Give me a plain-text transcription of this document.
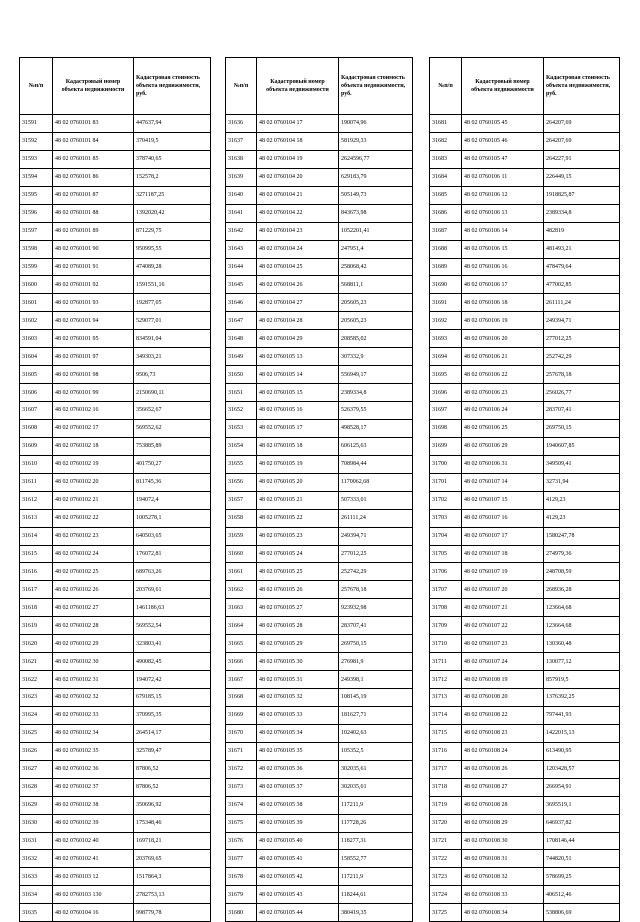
№п/п	Кадастровый номер объекта недвижимости	Кадастровая стоимость объекта недвижимости, руб.
31591	48 02 0760101 83	447637,94
31592	48 02 0760101 84	370419,5
31593	48 02 0760101 85	378740,65
31594	48 02 0760101 86	152578,2
31595	48 02 0760101 87	3271187,25
31596	48 02 0760101 88	1392020,42
31597	48 02 0760101 89	871229,75
31598	48 02 0760101 90	950995,55
31599	48 02 0760101 91	474089,28
31600	48 02 0760101 92	1591551,16
31601	48 02 0760101 93	192877,05
31602	48 02 0760101 94	529077,01
31603	48 02 0760101 95	834591,04
31604	48 02 0760101 97	349303,21
31605	48 02 0760101 98	9506,73
31606	48 02 0760101 99	2150690,11
31607	48 02 0760102 16	356652,67
31608	48 02 0760102 17	569552,62
31609	48 02 0760102 18	753885,89
31610	48 02 0760102 19	401750,27
31611	48 02 0760102 20	811745,36
31612	48 02 0760102 21	194072,4
31613	48 02 0760102 22	1005278,1
31614	48 02 0760102 23	640503,65
31615	48 02 0760102 24	176072,81
31616	48 02 0760102 25	689763,26
31617	48 02 0760102 26	203769,61
31618	48 02 0760102 27	1461186,63
31619	48 02 0760102 28	569552,54
31620	48 02 0760102 29	323803,41
31621	48 02 0760102 30	490082,45
31622	48 02 0760102 31	194072,42
31623	48 02 0760102 32	679185,15
31624	48 02 0760102 33	370995,35
31625	48 02 0760102 34	264514,17
31626	48 02 0760102 35	325789,47
31627	48 02 0760102 36	87806,52
31628	48 02 0760102 37	87806,52
31629	48 02 0760102 38	350696,92
31630	48 02 0760102 39	175348,46
31631	48 02 0760102 40	169718,21
31632	48 02 0760102 41	203769,65
31633	48 02 0760103 12	1517864,3
31634	48 02 0760103 130	2782753,13
31635	48 02 0760104 16	998779,78
№п/п	Кадастровый номер объекта недвижимости	Кадастровая стоимость объекта недвижимости, руб.
31636	48 02 0760104 17	190074,96
31637	48 02 0760104 18	581929,33
31638	48 02 0760104 19	2624596,77
31639	48 02 0760104 20	629183,79
31640	48 02 0760104 21	505149,73
31641	48 02 0760104 22	843673,98
31642	48 02 0760104 23	1052201,41
31643	48 02 0760104 24	247951,4
31644	48 02 0760104 25	258068,42
31645	48 02 0760104 26	568811,1
31646	48 02 0760104 27	205605,23
31647	48 02 0760104 28	205605,23
31648	48 02 0760104 29	208585,02
31649	48 02 0760105 13	307332,9
31650	48 02 0760105 14	556949,17
31651	48 02 0760105 15	2389334,8
31652	48 02 0760105 16	526379,55
31653	48 02 0760105 17	498528,17
31654	48 02 0760105 18	606125,63
31655	48 02 0760105 19	708984,44
31656	48 02 0760105 20	1170062,68
31657	48 02 0760105 21	507333,01
31658	48 02 0760105 22	261111,24
31659	48 02 0760105 23	249394,71
31660	48 02 0760105 24	277012,25
31661	48 02 0760105 25	252742,29
31662	48 02 0760105 26	257678,18
31663	48 02 0760105 27	923932,98
31664	48 02 0760105 28	283707,41
31665	48 02 0760105 29	269750,15
31666	48 02 0760105 30	276981,9
31667	48 02 0760105 31	249398,1
31668	48 02 0760105 32	108145,19
31669	48 02 0760105 33	181627,71
31670	48 02 0760105 34	102402,63
31671	48 02 0760105 35	105352,5
31672	48 02 0760105 36	302035,61
31673	48 02 0760105 37	302035,61
31674	48 02 0760105 38	117211,9
31675	48 02 0760105 39	117728,26
31676	48 02 0760105 40	118277,31
31677	48 02 0760105 41	158552,77
31678	48 02 0760105 42	117211,9
31679	48 02 0760105 43	118244,61
31680	48 02 0760105 44	380419,35
№п/п	Кадастровый номер объекта недвижимости	Кадастровая стоимость объекта недвижимости, руб.
31681	48 02 0760105 45	264207,69
31682	48 02 0760105 46	264207,69
31683	48 02 0760105 47	264227,91
31684	48 02 0760106 11	226449,15
31685	48 02 0760106 12	1918825,87
31686	48 02 0760106 13	2389334,8
31687	48 02 0760106 14	482819
31688	48 02 0760106 15	481493,21
31689	48 02 0760106 16	478479,64
31690	48 02 0760106 17	477002,85
31691	48 02 0760106 18	261111,24
31692	48 02 0760106 19	249394,71
31693	48 02 0760106 20	277012,25
31694	48 02 0760106 21	252742,29
31695	48 02 0760106 22	257678,18
31696	48 02 0760106 23	256026,77
31697	48 02 0760106 24	283707,41
31698	48 02 0760106 25	269750,15
31699	48 02 0760106 29	1940607,85
31700	48 02 0760106 31	349509,41
31701	48 02 0760107 14	32731,94
31702	48 02 0760107 15	4129,23
31703	48 02 0760107 16	4129,23
31704	48 02 0760107 17	1580247,78
31705	48 02 0760107 18	274979,36
31706	48 02 0760107 19	248708,59
31707	48 02 0760107 20	268936,28
31708	48 02 0760107 21	123664,68
31709	48 02 0760107 22	123664,68
31710	48 02 0760107 23	130360,48
31711	48 02 0760107 24	130077,12
31712	48 02 0760108 19	857919,5
31713	48 02 0760108 20	1376392,25
31714	48 02 0760108 22	797441,93
31715	48 02 0760108 23	1422015,13
31716	48 02 0760108 24	613490,95
31717	48 02 0760108 26	1203428,57
31718	48 02 0760108 27	266954,91
31719	48 02 0760108 28	3695519,1
31720	48 02 0760108 29	646937,82
31721	48 02 0760108 30	1708146,44
31722	48 02 0760108 31	744820,51
31723	48 02 0760108 32	578699,25
31724	48 02 0760108 33	406512,46
31725	48 02 0760108 34	538806,69
